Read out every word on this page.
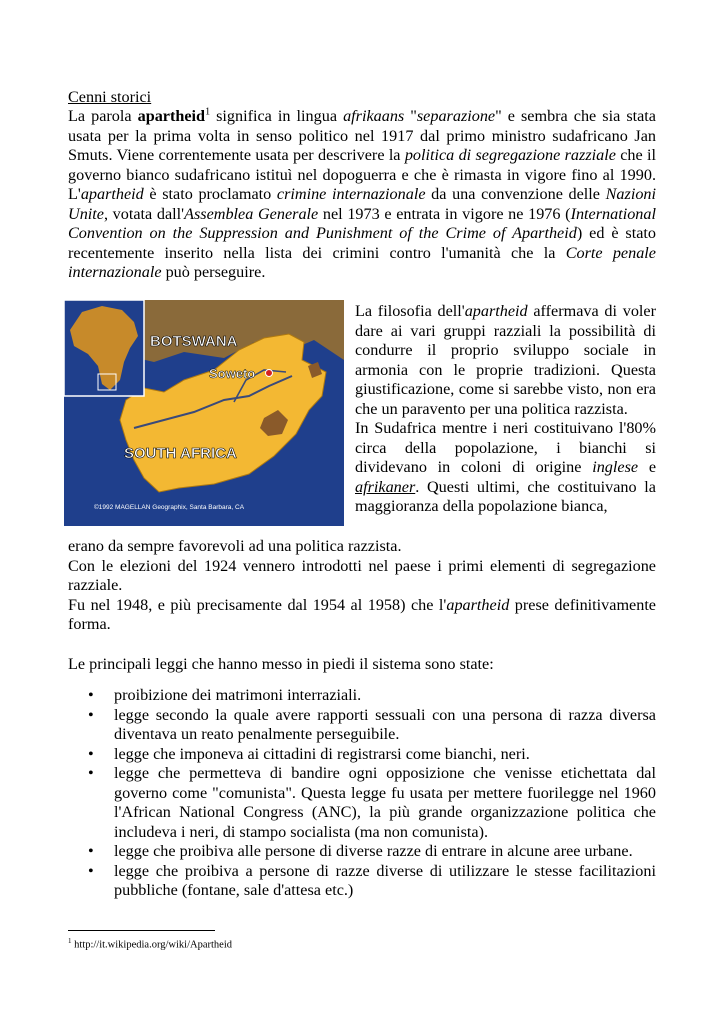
Cenni storici

La parola apartheid$^1$ significa in lingua afrikaans "separazione" e sembra che sia stata usata per la prima volta in senso politico nel 1917 dal primo ministro sudafricano Jan Smuts. Viene correntemente usata per descrivere la politica di segregazione razziale che il governo bianco sudafricano istituì nel dopoguerra e che è rimasta in vigore fino al 1990. L'apartheid è stato proclamato crimine internazionale da una convenzione delle Nazioni Unite, votata dall'Assemblea Generale nel 1973 e entrata in vigore ne 1976 (International Convention on the Suppression and Punishment of the Crime of Apartheid) ed è stato recentemente inserito nella lista dei crimini contro l'umanità che la Corte penale internazionale può perseguire.

BOTSWANA
Soweto
SOUTH AFRICA
©1992 MAGELLAN Geographix, Santa Barbara, CA

La filosofia dell'apartheid affermava di voler dare ai vari gruppi razziali la possibilità di condurre il proprio sviluppo sociale in armonia con le proprie tradizioni. Questa giustificazione, come si sarebbe visto, non era che un paravento per una politica razzista.

In Sudafrica mentre i neri costituivano l'80% circa della popolazione, i bianchi si dividevano in coloni di origine inglese e afrikaner. Questi ultimi, che costituivano la maggioranza della popolazione bianca,

erano da sempre favorevoli ad una politica razzista.
Con le elezioni del 1924 vennero introdotti nel paese i primi elementi di segregazione razziale.
Fu nel 1948, e più precisamente dal 1954 al 1958) che l'apartheid prese definitivamente forma.

Le principali leggi che hanno messo in piedi il sistema sono state:

• proibizione dei matrimoni interraziali.
• legge secondo la quale avere rapporti sessuali con una persona di razza diversa diventava un reato penalmente perseguibile.
• legge che imponeva ai cittadini di registrarsi come bianchi, neri.
• legge che permetteva di bandire ogni opposizione che venisse etichettata dal governo come "comunista". Questa legge fu usata per mettere fuorilegge nel 1960 l'African National Congress (ANC), la più grande organizzazione politica che includeva i neri, di stampo socialista (ma non comunista).
• legge che proibiva alle persone di diverse razze di entrare in alcune aree urbane.
• legge che proibiva a persone di razze diverse di utilizzare le stesse facilitazioni pubbliche (fontane, sale d'attesa etc.)
$^1$ http://it.wikipedia.org/wiki/Apartheid
